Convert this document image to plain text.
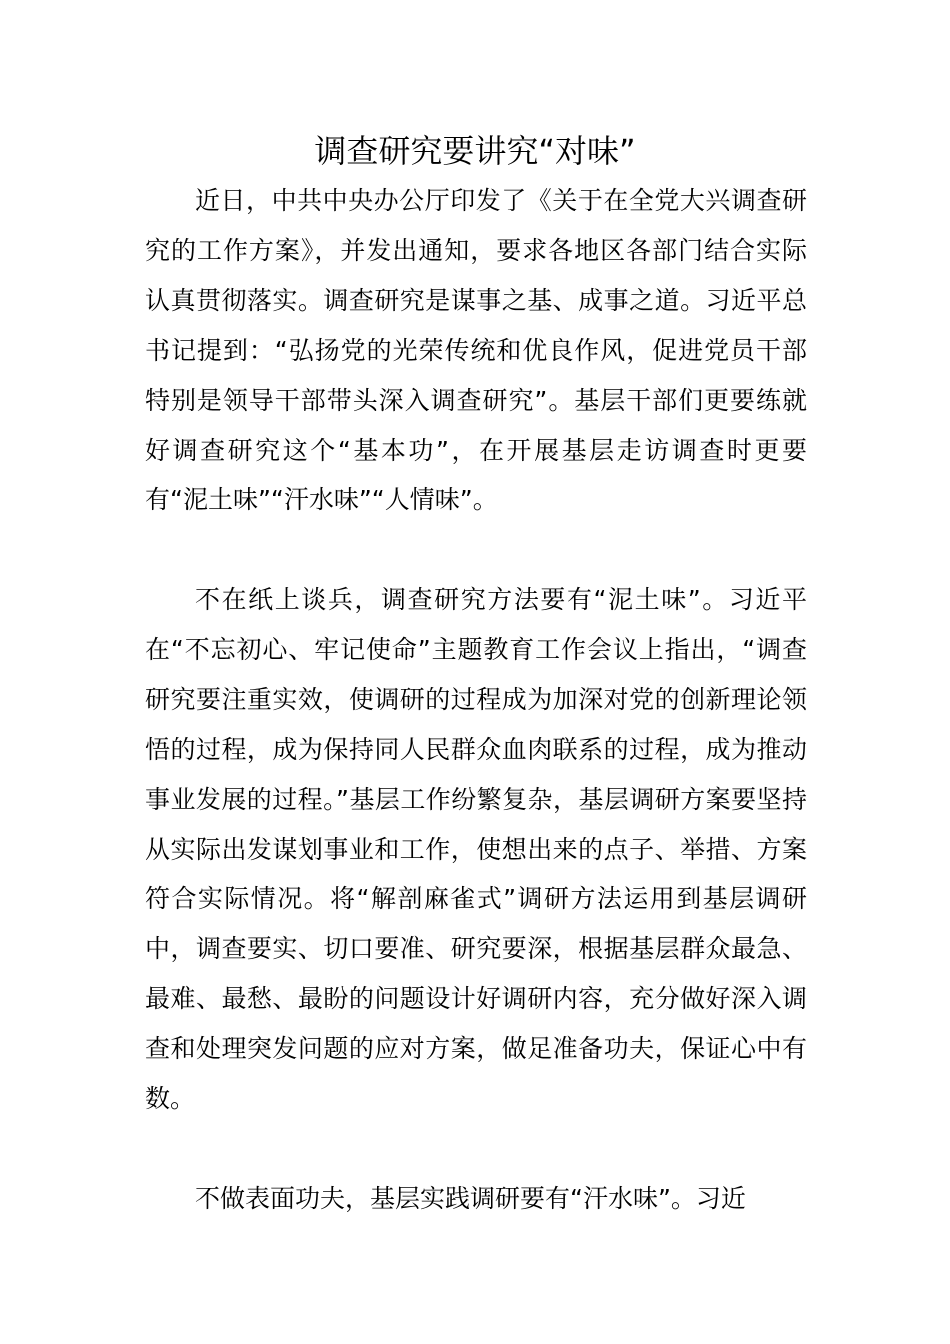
调查研究要讲究“对味”

近日，中共中央办公厅印发了《关于在全党大兴调查研究的工作方案》，并发出通知，要求各地区各部门结合实际认真贯彻落实。调查研究是谋事之基、成事之道。习近平总书记提到：“弘扬党的光荣传统和优良作风，促进党员干部特别是领导干部带头深入调查研究”。基层干部们更要练就好调查研究这个“基本功”，在开展基层走访调查时更要有“泥土味”“汗水味”“人情味”。

不在纸上谈兵，调查研究方法要有“泥土味”。习近平在“不忘初心、牢记使命”主题教育工作会议上指出，“调查研究要注重实效，使调研的过程成为加深对党的创新理论领悟的过程，成为保持同人民群众血肉联系的过程，成为推动事业发展的过程。”基层工作纷繁复杂，基层调研方案要坚持从实际出发谋划事业和工作，使想出来的点子、举措、方案符合实际情况。将“解剖麻雀式”调研方法运用到基层调研中，调查要实、切口要准、研究要深，根据基层群众最急、最难、最愁、最盼的问题设计好调研内容，充分做好深入调查和处理突发问题的应对方案，做足准备功夫，保证心中有数。

不做表面功夫，基层实践调研要有“汗水味”。习近
